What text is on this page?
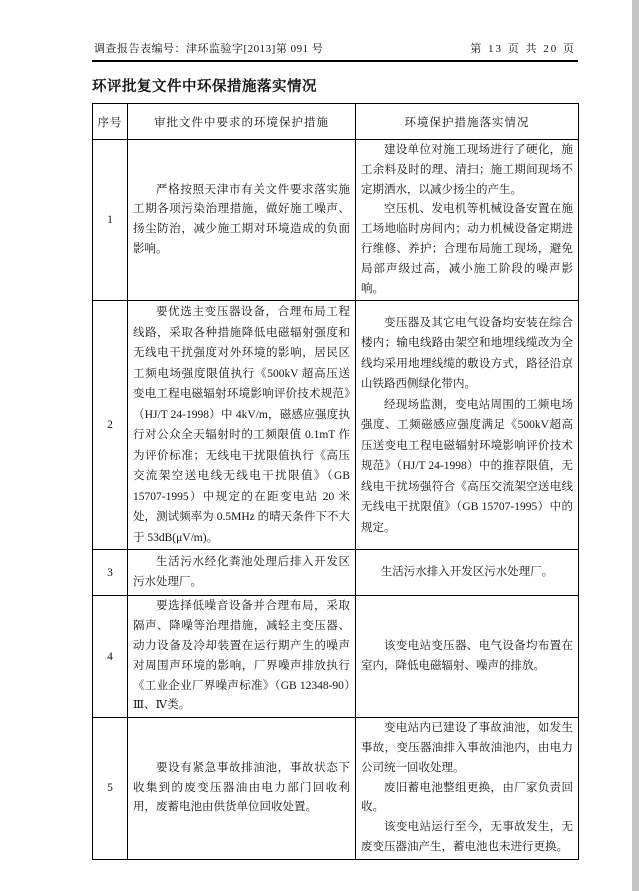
调查报告表编号：津环监验字[2013]第 091 号	第 13 页 共 20 页
环评批复文件中环保措施落实情况
序号	审批文件中要求的环境保护措施	环境保护措施落实情况
1	严格按照天津市有关文件要求落实施工期各项污染治理措施，做好施工噪声、扬尘防治，减少施工期对环境造成的负面影响。	建设单位对施工现场进行了硬化，施工余料及时的理、清扫；施工期间现场不定期洒水，以减少扬尘的产生。

空压机、发电机等机械设备安置在施工场地临时房间内；动力机械设备定期进行维修、养护；合理布局施工现场，避免局部声级过高，减小施工阶段的噪声影响。

2	要优选主变压器设备，合理布局工程线路，采取各种措施降低电磁辐射强度和无线电干扰强度对外环境的影响，居民区工频电场强度限值执行《500kV 超高压送变电工程电磁辐射环境影响评价技术规范》（HJ/T 24-1998）中 4kV/m，磁感应强度执行对公众全天辐射时的工频限值 0.1mT 作为评价标准；无线电干扰限值执行《高压交流架空送电线无线电干扰限值》（GB 15707-1995）中规定的在距变电站 20 米处，测试频率为 0.5MHz 的晴天条件下不大于 53dB(μV/m)。	变压器及其它电气设备均安装在综合楼内；输电线路由架空和地埋线缆改为全线均采用地埋线缆的敷设方式，路径沿京山铁路西侧绿化带内。

经现场监测，变电站周围的工频电场强度、工频磁感应强度满足《500kV超高压送变电工程电磁辐射环境影响评价技术规范》（HJ/T 24-1998）中的推荐限值，无线电干扰场强符合《高压交流架空送电线无线电干扰限值》（GB 15707-1995）中的规定。

3	生活污水经化粪池处理后排入开发区污水处理厂。	生活污水排入开发区污水处理厂。

4	要选择低噪音设备并合理布局，采取隔声、降噪等治理措施，减轻主变压器、动力设备及冷却装置在运行期产生的噪声对周围声环境的影响，厂界噪声排放执行《工业企业厂界噪声标准》（GB 12348-90）Ⅲ、Ⅳ类。	该变电站变压器、电气设备均布置在室内，降低电磁辐射、噪声的排放。

5	要设有紧急事故排油池，事故状态下收集到的废变压器油由电力部门回收利用，废蓄电池由供货单位回收处置。	变电站内已建设了事故油池，如发生事故，变压器油排入事故油池内，由电力公司统一回收处理。

废旧蓄电池整组更换，由厂家负责回收。

该变电站运行至今，无事故发生，无废变压器油产生，蓄电池也未进行更换。
